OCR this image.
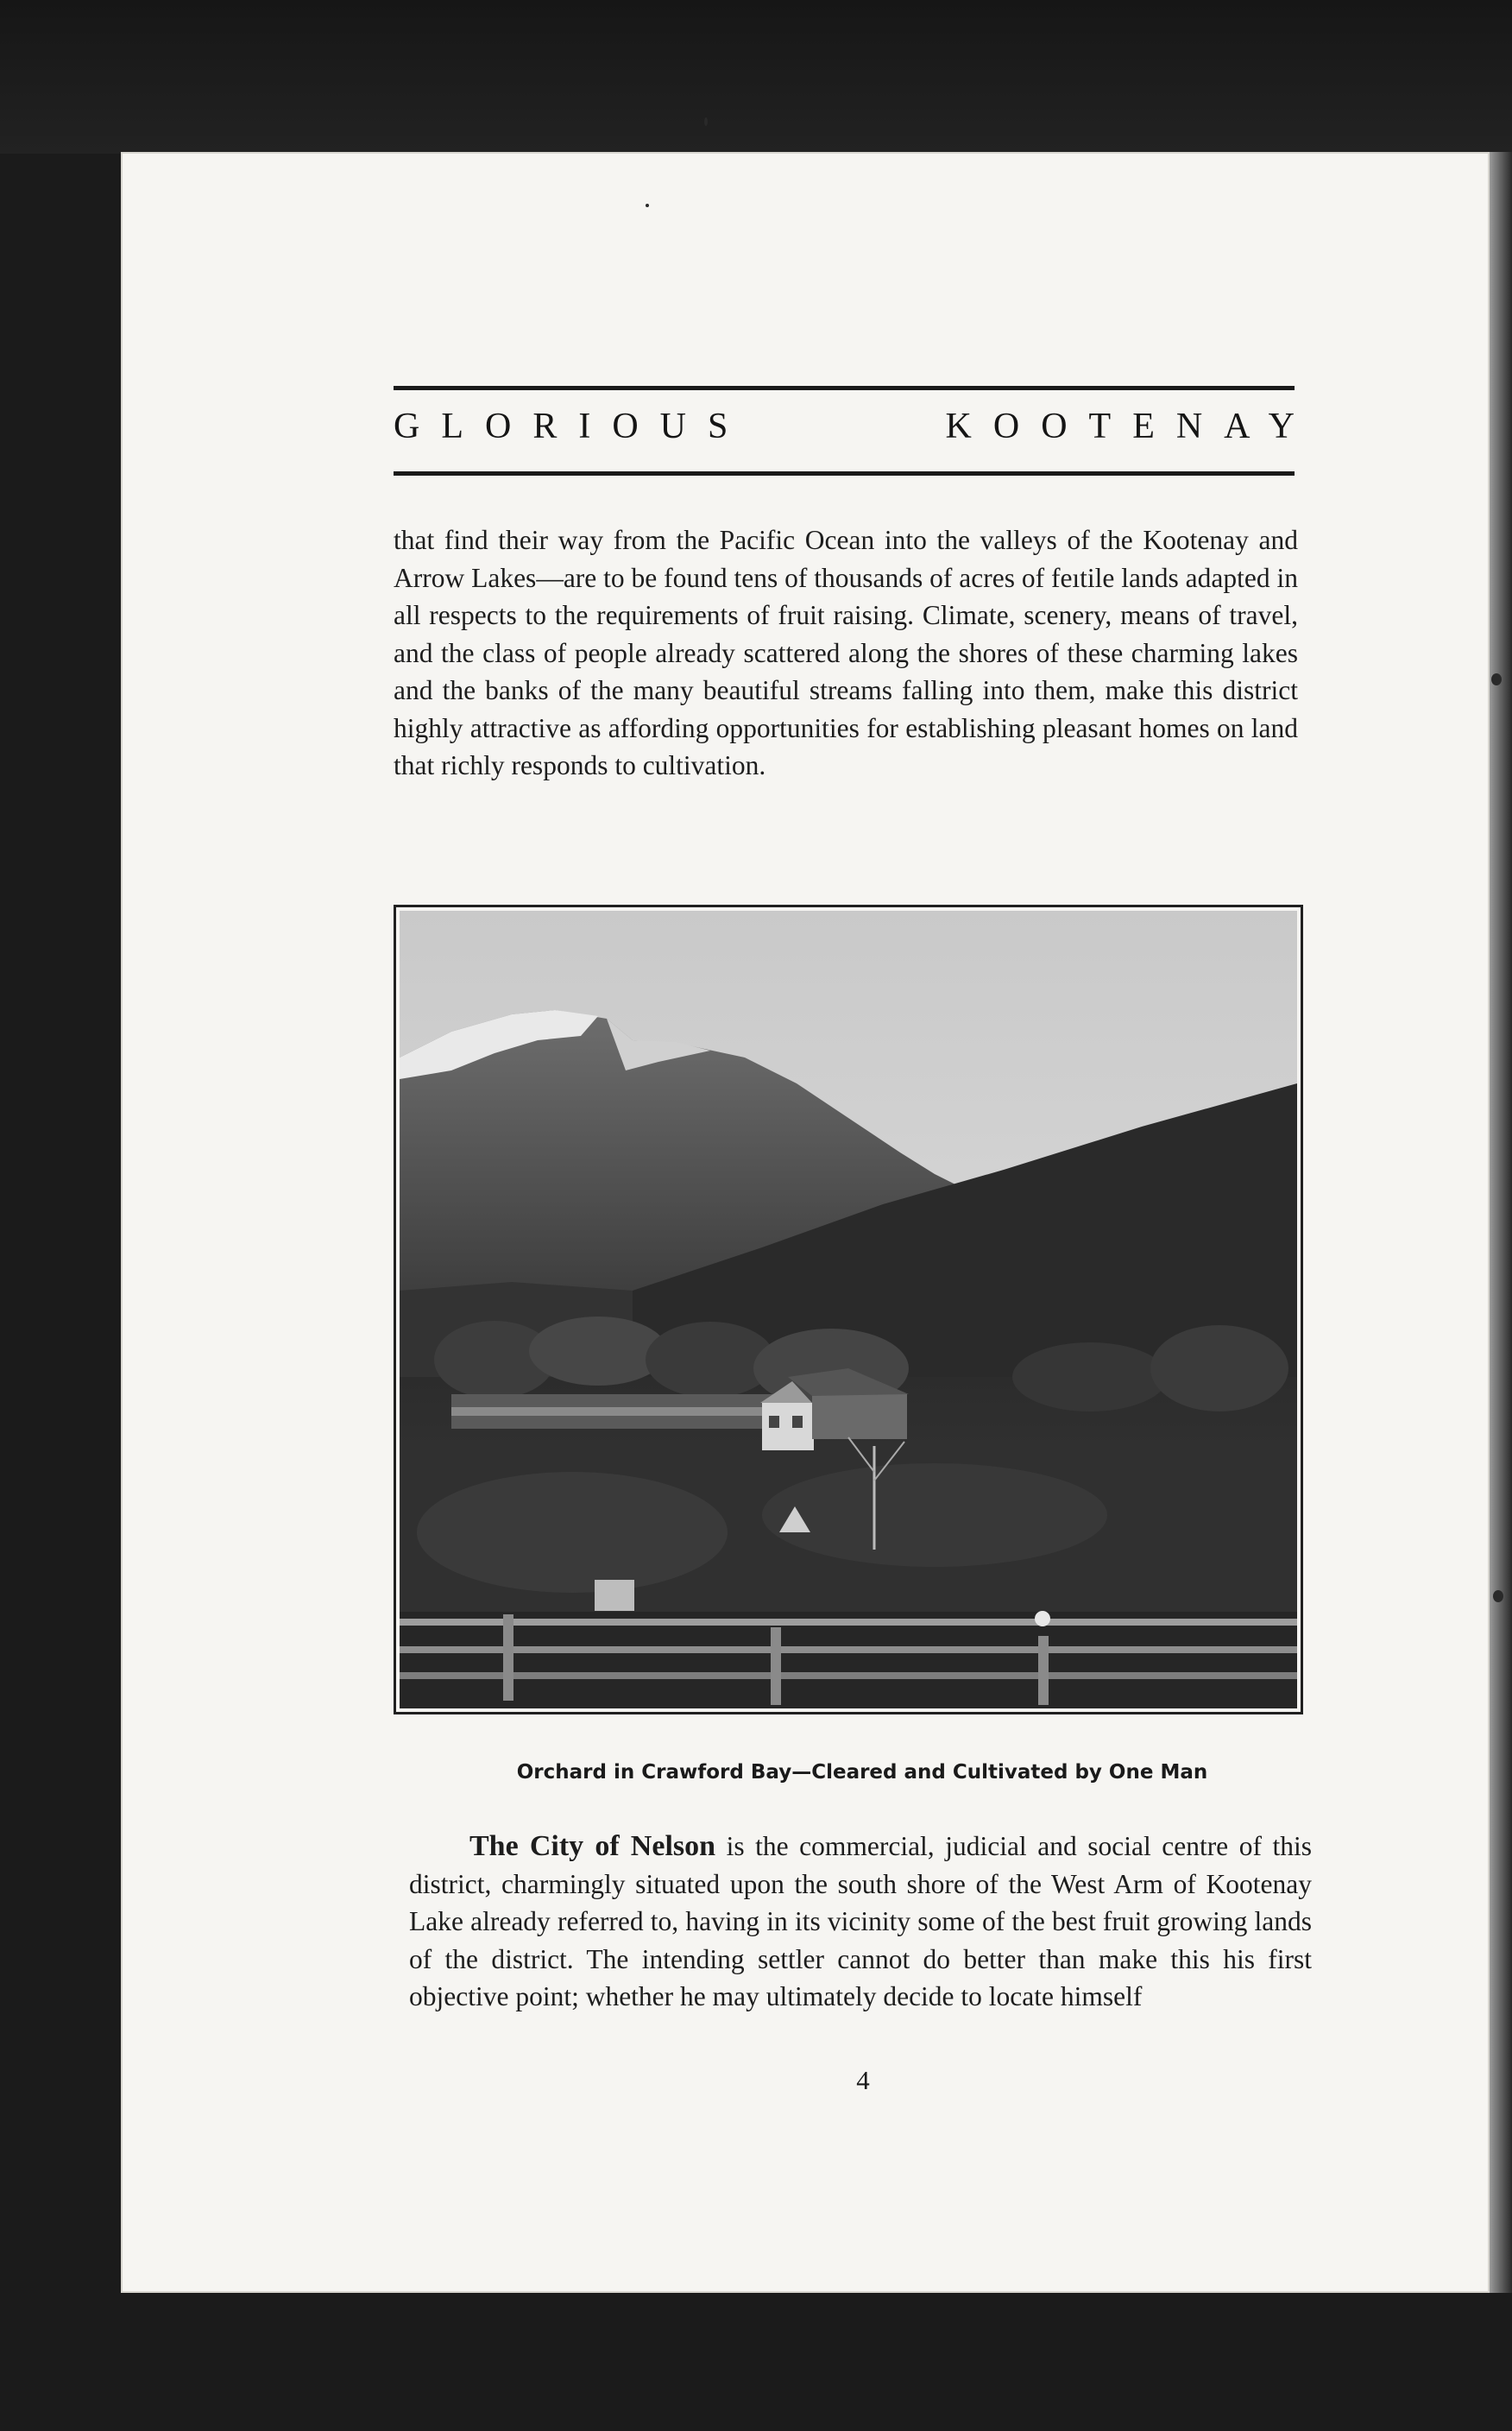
GLORIOUS	KOOTENAY
that find their way from the Pacific Ocean into the valleys of the Kootenay and Arrow Lakes—are to be found tens of thousands of acres of feıtile lands adapted in all respects to the requirements of fruit raising. Climate, scenery, means of travel, and the class of people already scattered along the shores of these charming lakes and the banks of the many beautiful streams falling into them, make this district highly attractive as affording opportunities for establishing pleasant homes on land that richly responds to cultivation.
Orchard in Crawford Bay—Cleared and Cultivated by One Man
The City of Nelson is the commercial, judicial and social centre of this district, charmingly situated upon the south shore of the West Arm of Kootenay Lake already referred to, having in its vicinity some of the best fruit growing lands of the district. The intending settler cannot do better than make this his first objective point; whether he may ultimately decide to locate himself
4
